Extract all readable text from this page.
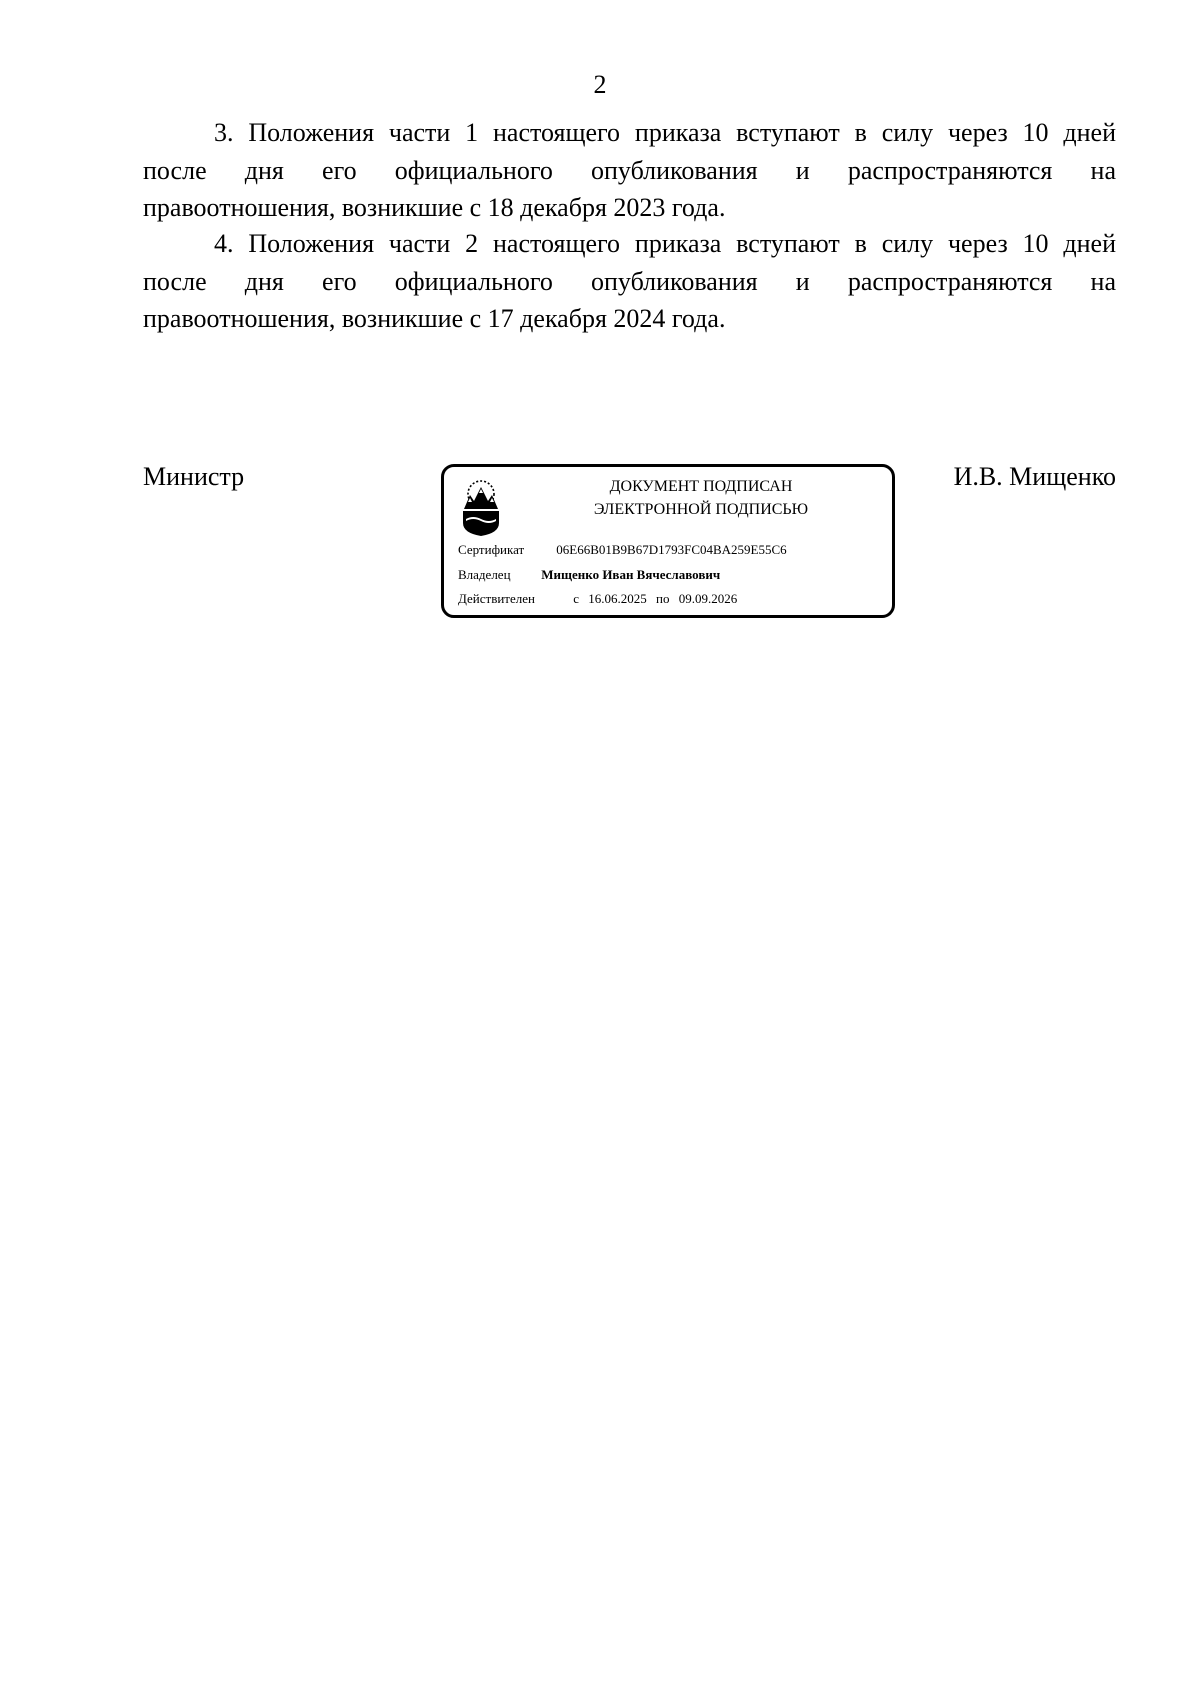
2
3. Положения части 1 настоящего приказа вступают в силу через 10 дней
после дня его официального опубликования и распространяются на
правоотношения, возникшие с 18 декабря 2023 года.
4. Положения части 2 настоящего приказа вступают в силу через 10 дней
после дня его официального опубликования и распространяются на
правоотношения, возникшие с 17 декабря 2024 года.
Министр	И.В. Мищенко
ДОКУМЕНТ ПОДПИСАН
ЭЛЕКТРОННОЙ ПОДПИСЬЮ
Сертификат 06E66B01B9B67D1793FC04BA259E55C6
Владелец Мищенко Иван Вячеславович
Действителен	с 16.06.2025 по 09.09.2026
